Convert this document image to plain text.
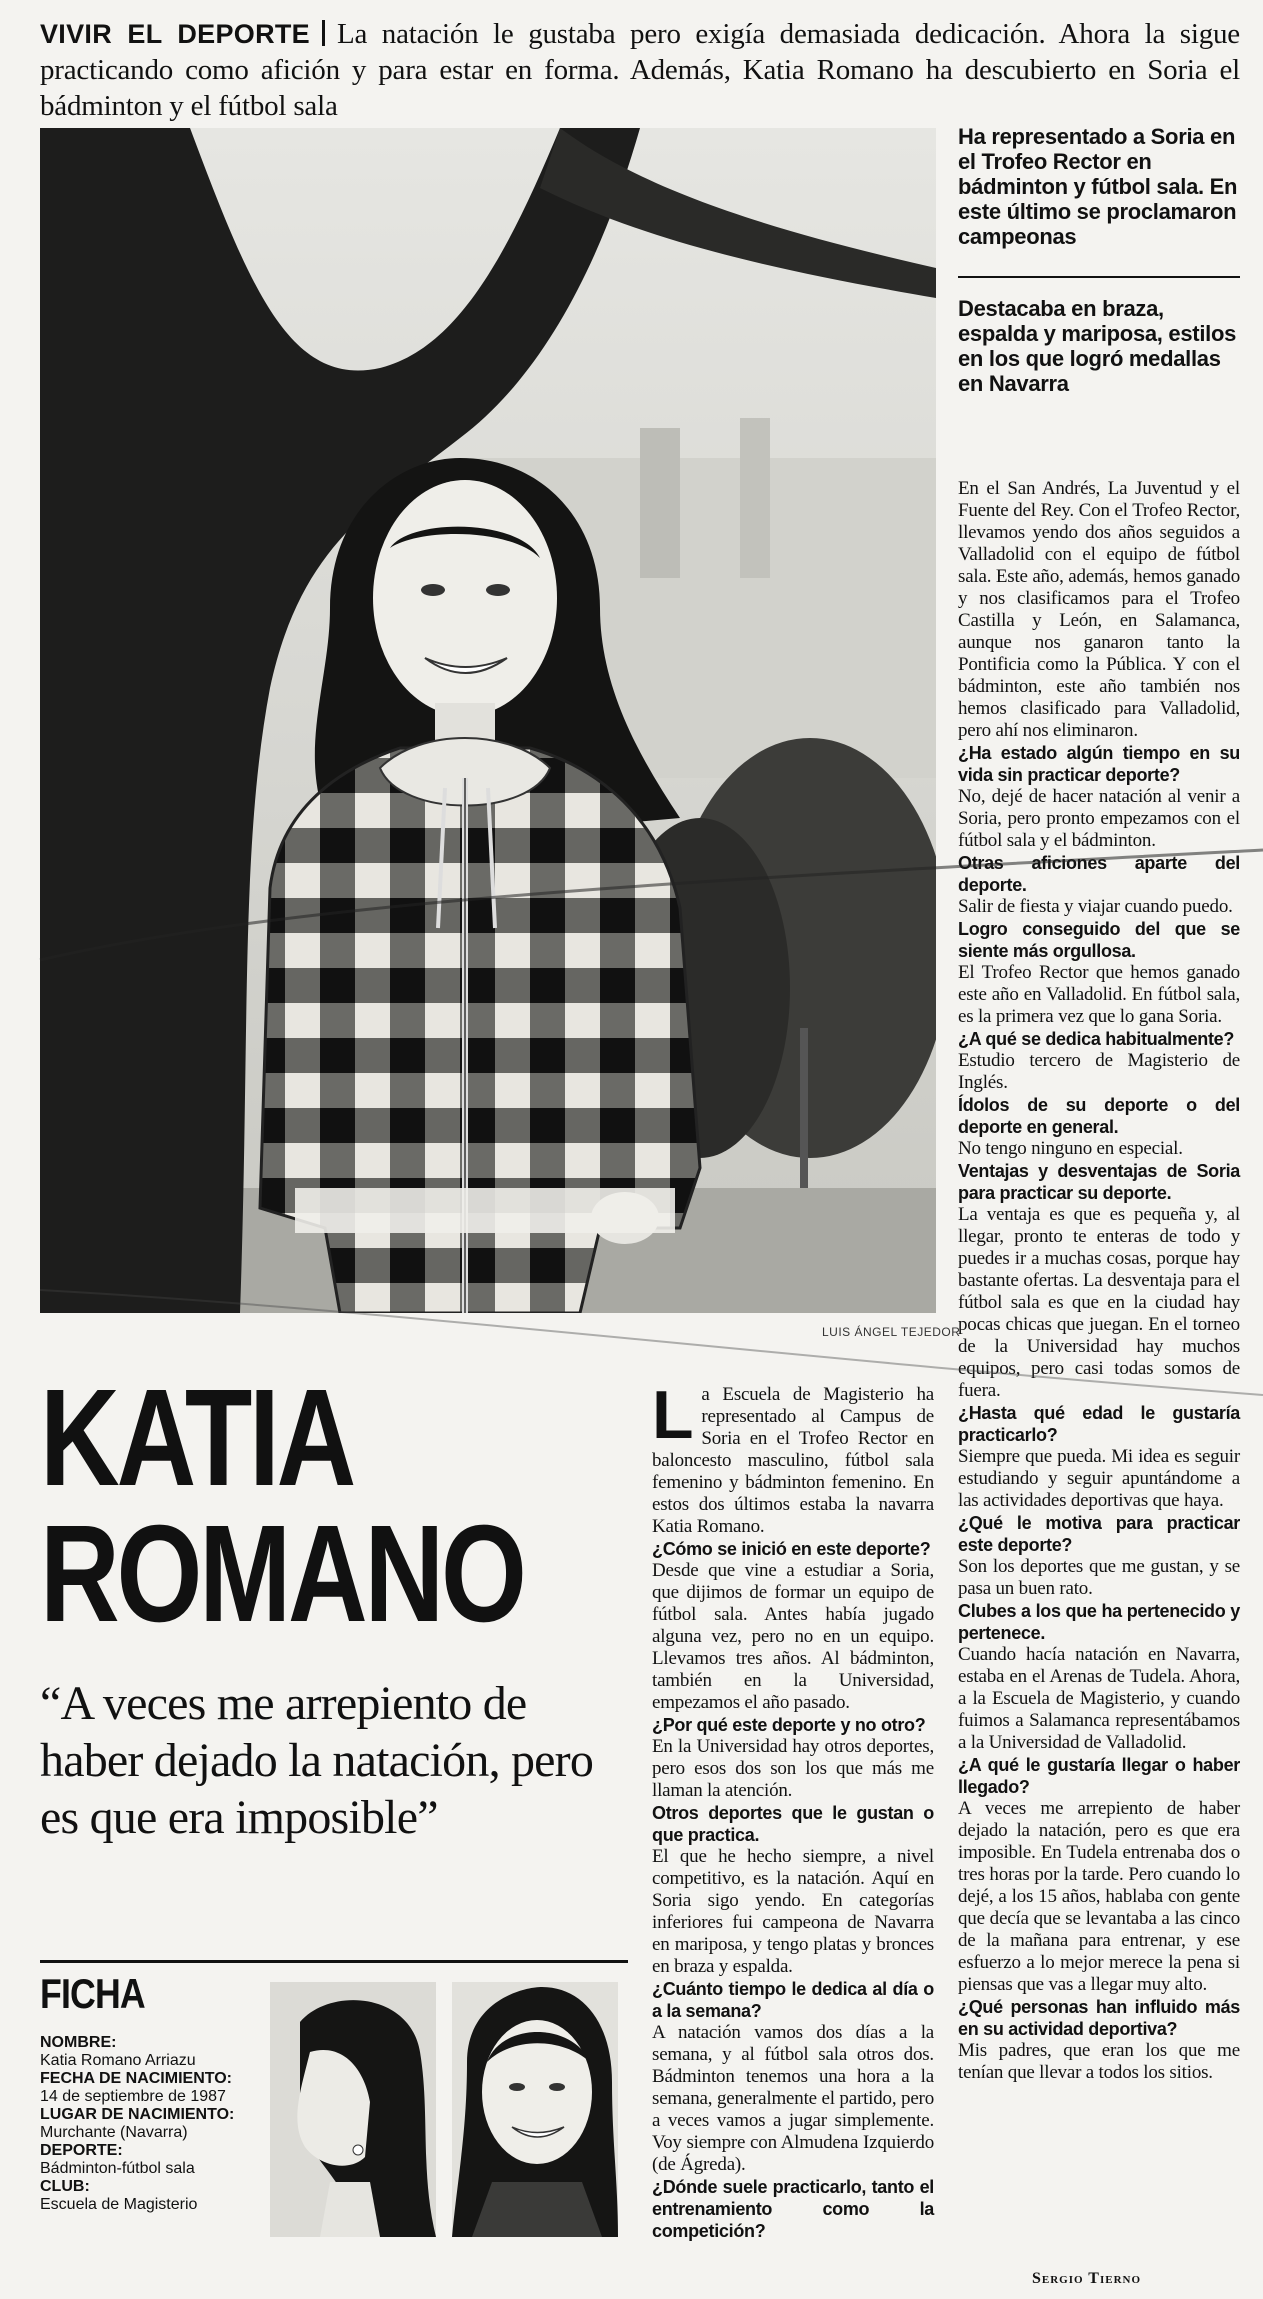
VIVIR EL DEPORTE La natación le gustaba pero exigía demasiada dedicación. Ahora la sigue practicando como afición y para estar en forma. Además, Katia Romano ha descubierto en Soria el bádminton y el fútbol sala
LUIS ÁNGEL TEJEDOR
Ha representado a Soria en el Trofeo Rector en bádminton y fútbol sala. En este último se proclamaron campeonas
Destacaba en braza, espalda y mariposa, estilos en los que logró medallas en Navarra
KATIA
ROMANO
“A veces me arrepiento de haber dejado la natación, pero es que era imposible”
FICHA
NOMBRE:
Katia Romano Arriazu
FECHA DE NACIMIENTO:
14 de septiembre de 1987
LUGAR DE NACIMIENTO:
Murchante (Navarra)
DEPORTE:
Bádminton-fútbol sala
CLUB:
Escuela de Magisterio
L a Escuela de Magisterio ha representado al Campus de Soria en el Trofeo Rector en baloncesto masculino, fútbol sala femenino y bádminton femenino. En estos dos últimos estaba la navarra Katia Romano.

¿Cómo se inició en este deporte?

Desde que vine a estudiar a Soria, que dijimos de formar un equipo de fútbol sala. Antes había jugado alguna vez, pero no en un equipo. Llevamos tres años. Al bádminton, también en la Universidad, empezamos el año pasado.

¿Por qué este deporte y no otro?

En la Universidad hay otros deportes, pero esos dos son los que más me llaman la atención.

Otros deportes que le gustan o que practica.

El que he hecho siempre, a nivel competitivo, es la natación. Aquí en Soria sigo yendo. En categorías inferiores fui campeona de Navarra en mariposa, y tengo platas y bronces en braza y espalda.

¿Cuánto tiempo le dedica al día o a la semana?

A natación vamos dos días a la semana, y al fútbol sala otros dos. Bádminton tenemos una hora a la semana, generalmente el partido, pero a veces vamos a jugar simplemente. Voy siempre con Almudena Izquierdo (de Ágreda).

¿Dónde suele practicarlo, tanto el entrenamiento como la competición?

En el San Andrés, La Juventud y el Fuente del Rey. Con el Trofeo Rector, llevamos yendo dos años seguidos a Valladolid con el equipo de fútbol sala. Este año, además, hemos ganado y nos clasificamos para el Trofeo Castilla y León, en Salamanca, aunque nos ganaron tanto la Pontificia como la Pública. Y con el bádminton, este año también nos hemos clasificado para Valladolid, pero ahí nos eliminaron.

¿Ha estado algún tiempo en su vida sin practicar deporte?

No, dejé de hacer natación al venir a Soria, pero pronto empezamos con el fútbol sala y el bádminton.

Otras aficiones aparte del deporte.

Salir de fiesta y viajar cuando puedo.

Logro conseguido del que se siente más orgullosa.

El Trofeo Rector que hemos ganado este año en Valladolid. En fútbol sala, es la primera vez que lo gana Soria.

¿A qué se dedica habitualmente?

Estudio tercero de Magisterio de Inglés.

Ídolos de su deporte o del deporte en general.

No tengo ninguno en especial.

Ventajas y desventajas de Soria para practicar su deporte.

La ventaja es que es pequeña y, al llegar, pronto te enteras de todo y puedes ir a muchas cosas, porque hay bastante ofertas. La desventaja para el fútbol sala es que en la ciudad hay pocas chicas que juegan. En el torneo de la Universidad hay muchos equipos, pero casi todas somos de fuera.

¿Hasta qué edad le gustaría practicarlo?

Siempre que pueda. Mi idea es seguir estudiando y seguir apuntándome a las actividades deportivas que haya.

¿Qué le motiva para practicar este deporte?

Son los deportes que me gustan, y se pasa un buen rato.

Clubes a los que ha pertenecido y pertenece.

Cuando hacía natación en Navarra, estaba en el Arenas de Tudela. Ahora, a la Escuela de Magisterio, y cuando fuimos a Salamanca representábamos a la Universidad de Valladolid.

¿A qué le gustaría llegar o haber llegado?

A veces me arrepiento de haber dejado la natación, pero es que era imposible. En Tudela entrenaba dos o tres horas por la tarde. Pero cuando lo dejé, a los 15 años, hablaba con gente que decía que se levantaba a las cinco de la mañana para entrenar, y ese esfuerzo a lo mejor merece la pena si piensas que vas a llegar muy alto.

¿Qué personas han influido más en su actividad deportiva?

Mis padres, que eran los que me tenían que llevar a todos los sitios.

Sergio Tierno
